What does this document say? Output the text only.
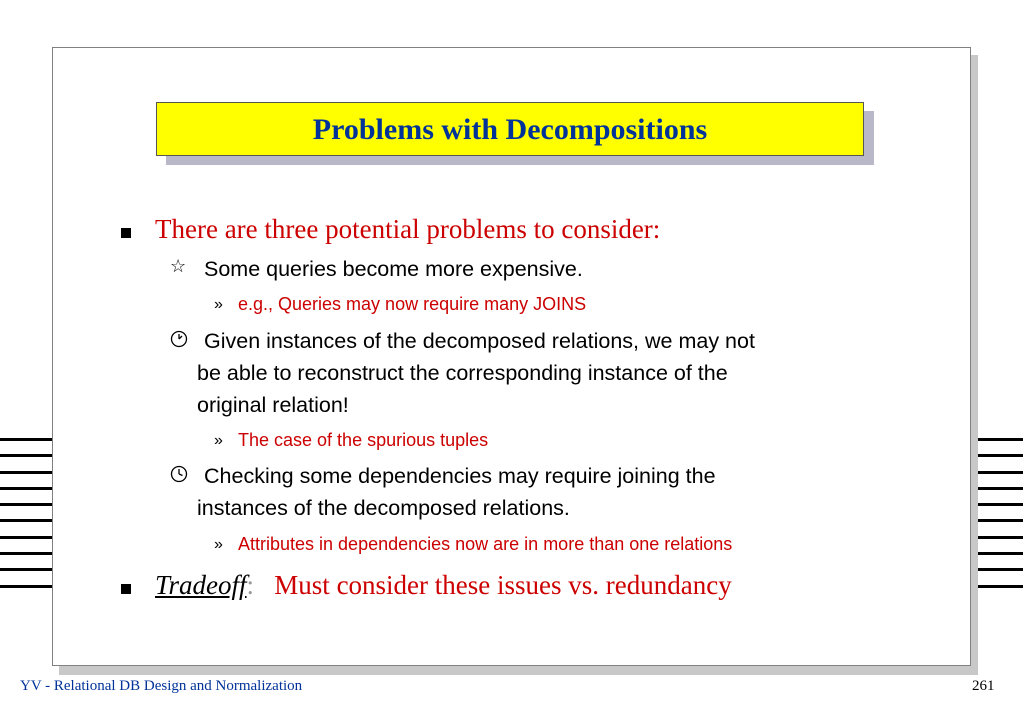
Problems with Decompositions
There are three potential problems to consider:
☆ Some queries become more expensive.
» e.g., Queries may now require many JOINS
Given instances of the decomposed relations, we may not
be able to reconstruct the corresponding instance of the
original relation!
» The case of the spurious tuples
Checking some dependencies may require joining the
instances of the decomposed relations.
» Attributes in dependencies now are in more than one relations
Tradeoff: Must consider these issues vs. redundancy
YV - Relational DB Design and Normalization	261
